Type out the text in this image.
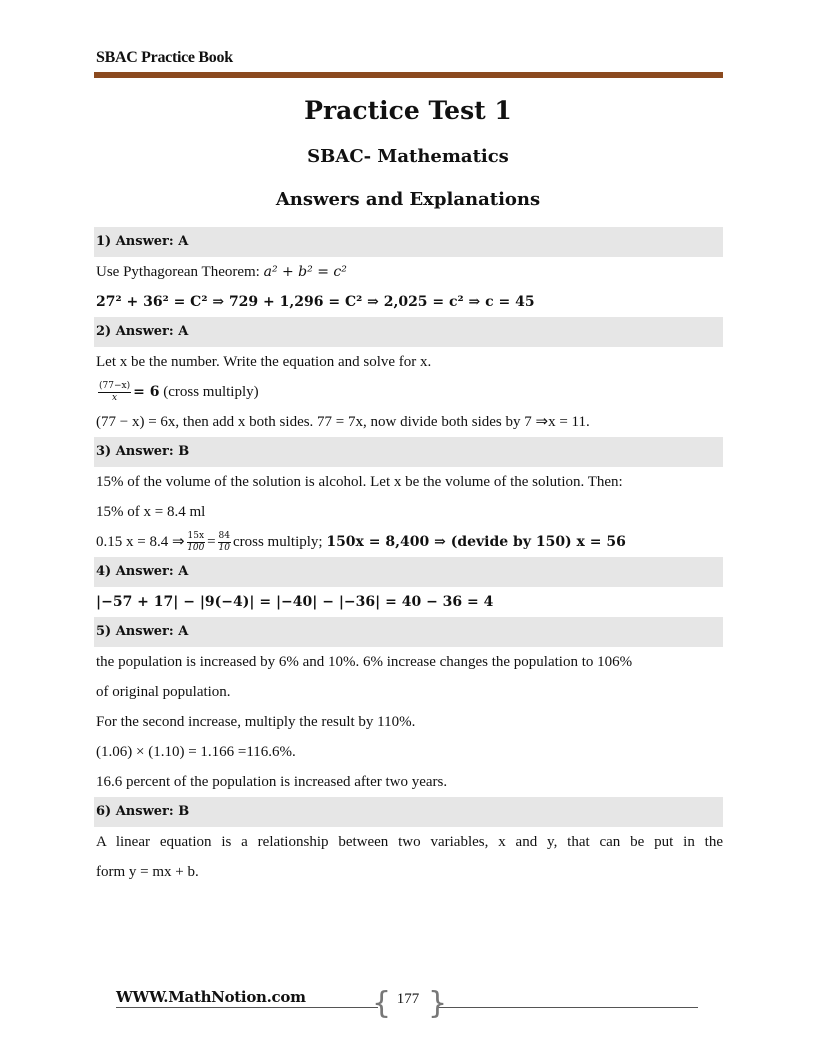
SBAC Practice Book
Practice Test 1
SBAC- Mathematics
Answers and Explanations
1) Answer: A
Use Pythagorean Theorem: a² + b² = c²
27² + 36² = C² ⇒ 729 + 1,296 = C² ⇒ 2,025 = c² ⇒ c = 45
2) Answer: A
Let x be the number. Write the equation and solve for x.
$\frac{(77-x)}{x} = 6$ (cross multiply)
(77 − x) = 6x, then add x both sides. 77 = 7x, now divide both sides by 7 ⇒x = 11.
3) Answer: B
15% of the volume of the solution is alcohol. Let x be the volume of the solution. Then:
15% of x = 8.4 ml
0.15 x = 8.4 ⇒ $\frac{15x}{100} = \frac{84}{10}$ cross multiply; 150x = 8,400 ⇒ (devide by 150) x = 56
4) Answer: A
|−57 + 17| − |9(−4)| = |−40| − |−36| = 40 − 36 = 4
5) Answer: A
the population is increased by 6% and 10%. 6% increase changes the population to 106%
of original population.
For the second increase, multiply the result by 110%.
(1.06) × (1.10) = 1.166 =116.6%.
16.6 percent of the population is increased after two years.
6) Answer: B
A linear equation is a relationship between two variables, x and y, that can be put in the
form y = mx + b.
WWW.MathNotion.com { 177 }
